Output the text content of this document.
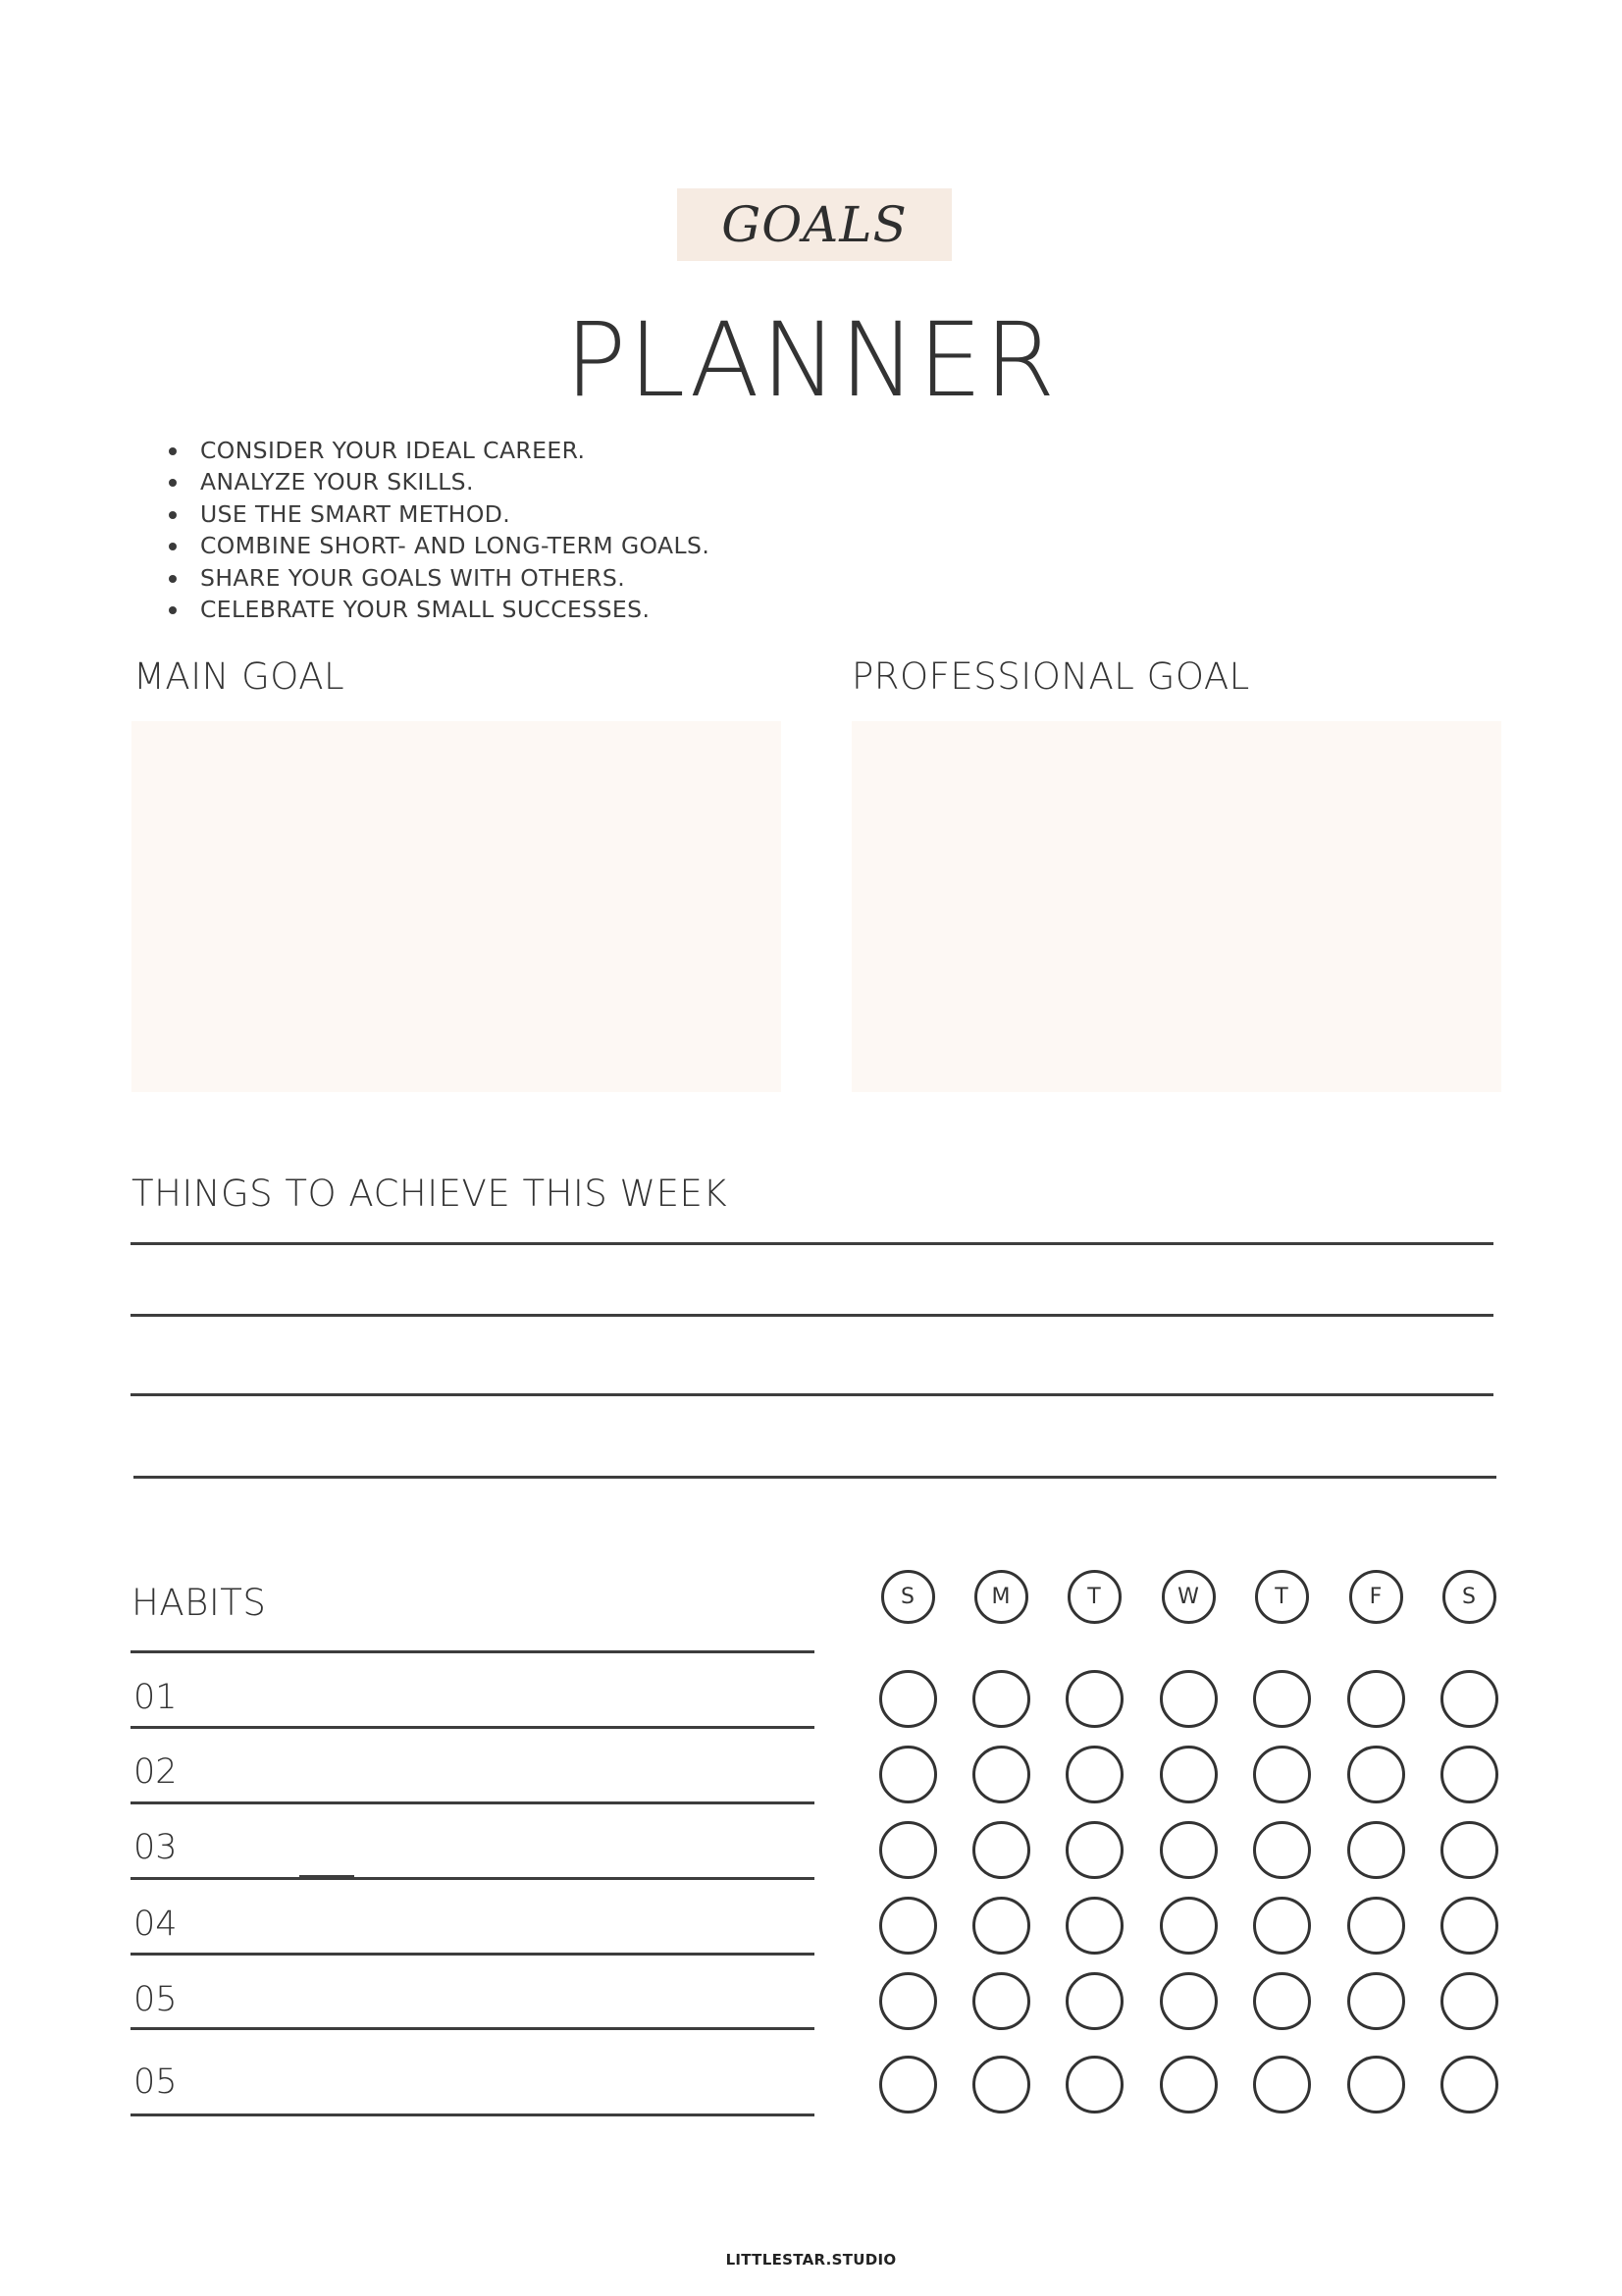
GOALS
PLANNER
CONSIDER YOUR IDEAL CAREER.
ANALYZE YOUR SKILLS.
USE THE SMART METHOD.
COMBINE SHORT- AND LONG-TERM GOALS.
SHARE YOUR GOALS WITH OTHERS.
CELEBRATE YOUR SMALL SUCCESSES.
MAIN GOAL	PROFESSIONAL GOAL
THINGS TO ACHIEVE THIS WEEK
HABITS
01
02
03
04
05
05
S	M	T	W	T	F	S
LITTLESTAR.STUDIO
